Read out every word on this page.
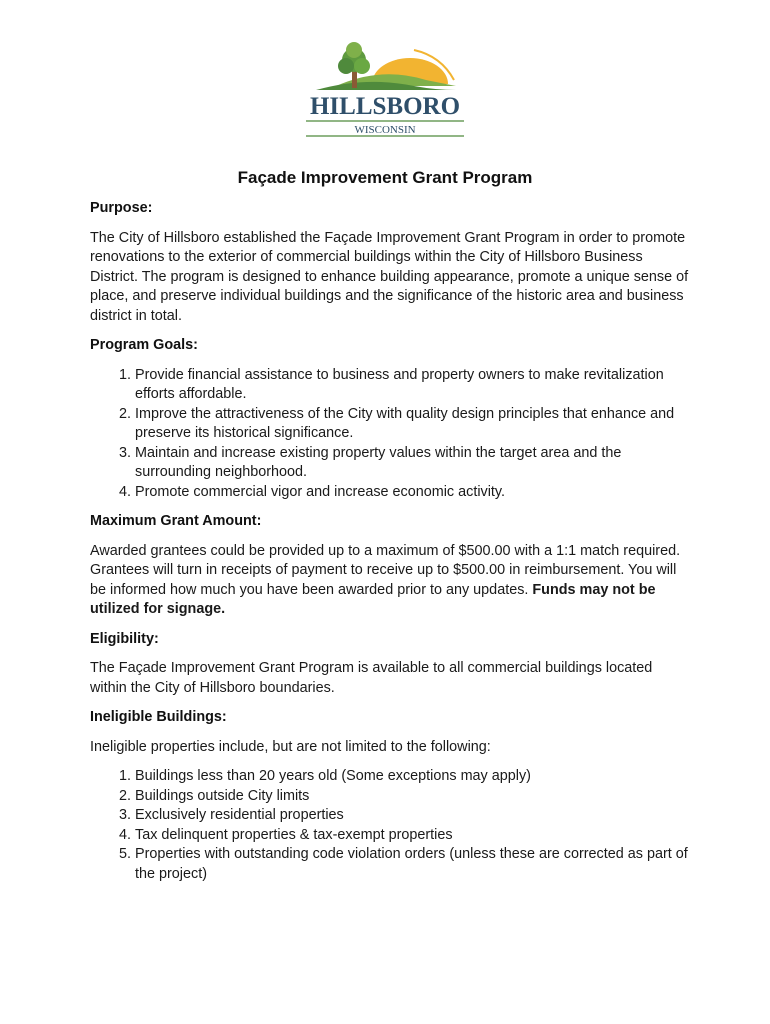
HILLSBORO
WISCONSIN
Façade Improvement Grant Program
Purpose:

The City of Hillsboro established the Façade Improvement Grant Program in order to promote renovations to the exterior of commercial buildings within the City of Hillsboro Business District. The program is designed to enhance building appearance, promote a unique sense of place, and preserve individual buildings and the significance of the historic area and business district in total.

Program Goals:
1. Provide financial assistance to business and property owners to make revitalization efforts affordable.
2. Improve the attractiveness of the City with quality design principles that enhance and preserve its historical significance.
3. Maintain and increase existing property values within the target area and the surrounding neighborhood.
4. Promote commercial vigor and increase economic activity.
Maximum Grant Amount:

Awarded grantees could be provided up to a maximum of $500.00 with a 1:1 match required. Grantees will turn in receipts of payment to receive up to $500.00 in reimbursement. You will be informed how much you have been awarded prior to any updates. Funds may not be utilized for signage.

Eligibility:

The Façade Improvement Grant Program is available to all commercial buildings located within the City of Hillsboro boundaries.

Ineligible Buildings:

Ineligible properties include, but are not limited to the following:

1. Buildings less than 20 years old (Some exceptions may apply)
2. Buildings outside City limits
3. Exclusively residential properties
4. Tax delinquent properties & tax-exempt properties
5. Properties with outstanding code violation orders (unless these are corrected as part of the project)
